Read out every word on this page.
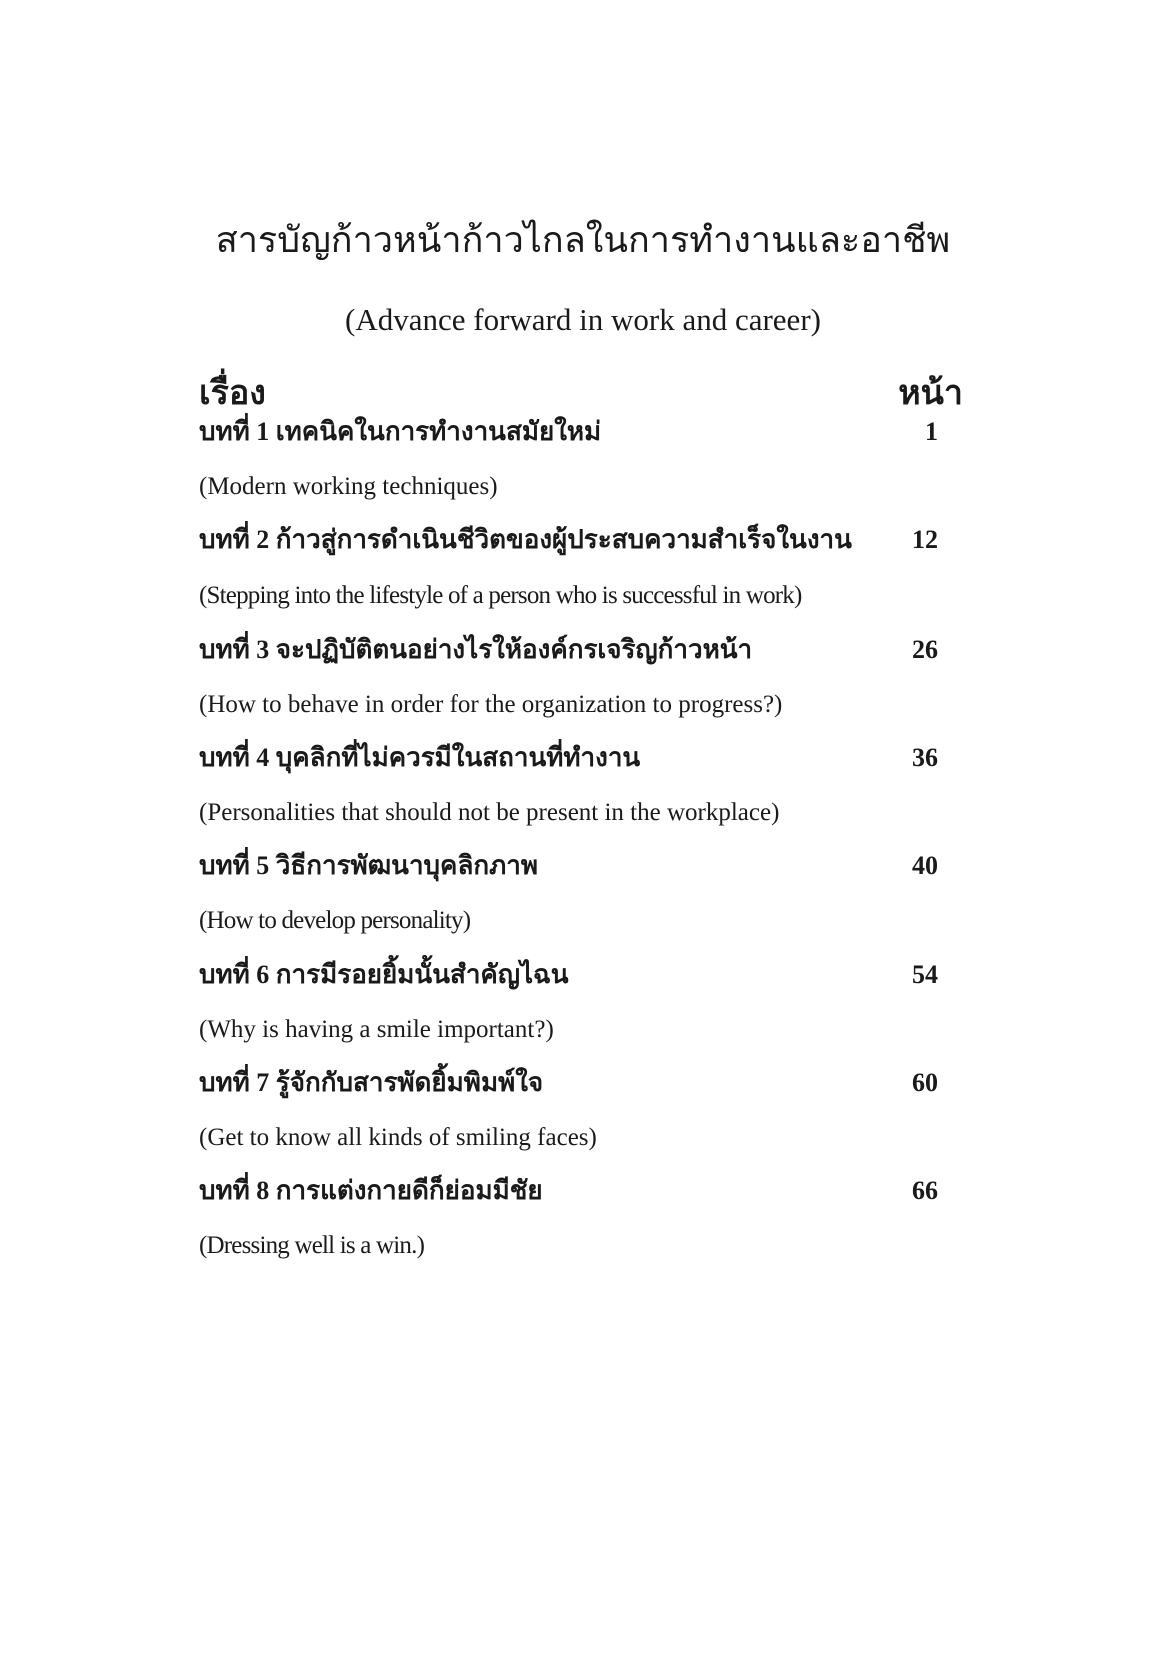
สารบัญก้าวหน้าก้าวไกลในการทำงานและอาชีพ
(Advance forward in work and career)
เรื่อง	หน้า
บทที่ 1 เทคนิคในการทำงานสมัยใหม่	1
(Modern working techniques)
บทที่ 2 ก้าวสู่การดำเนินชีวิตของผู้ประสบความสำเร็จในงาน	12
(Stepping into the lifestyle of a person who is successful in work)
บทที่ 3 จะปฏิบัติตนอย่างไรให้องค์กรเจริญก้าวหน้า	26
(How to behave in order for the organization to progress?)
บทที่ 4 บุคลิกที่ไม่ควรมีในสถานที่ทำงาน	36
(Personalities that should not be present in the workplace)
บทที่ 5 วิธีการพัฒนาบุคลิกภาพ	40
(How to develop personality)
บทที่ 6 การมีรอยยิ้มนั้นสำคัญไฉน	54
(Why is having a smile important?)
บทที่ 7 รู้จักกับสารพัดยิ้มพิมพ์ใจ	60
(Get to know all kinds of smiling faces)
บทที่ 8 การแต่งกายดีก็ย่อมมีชัย	66
(Dressing well is a win.)
